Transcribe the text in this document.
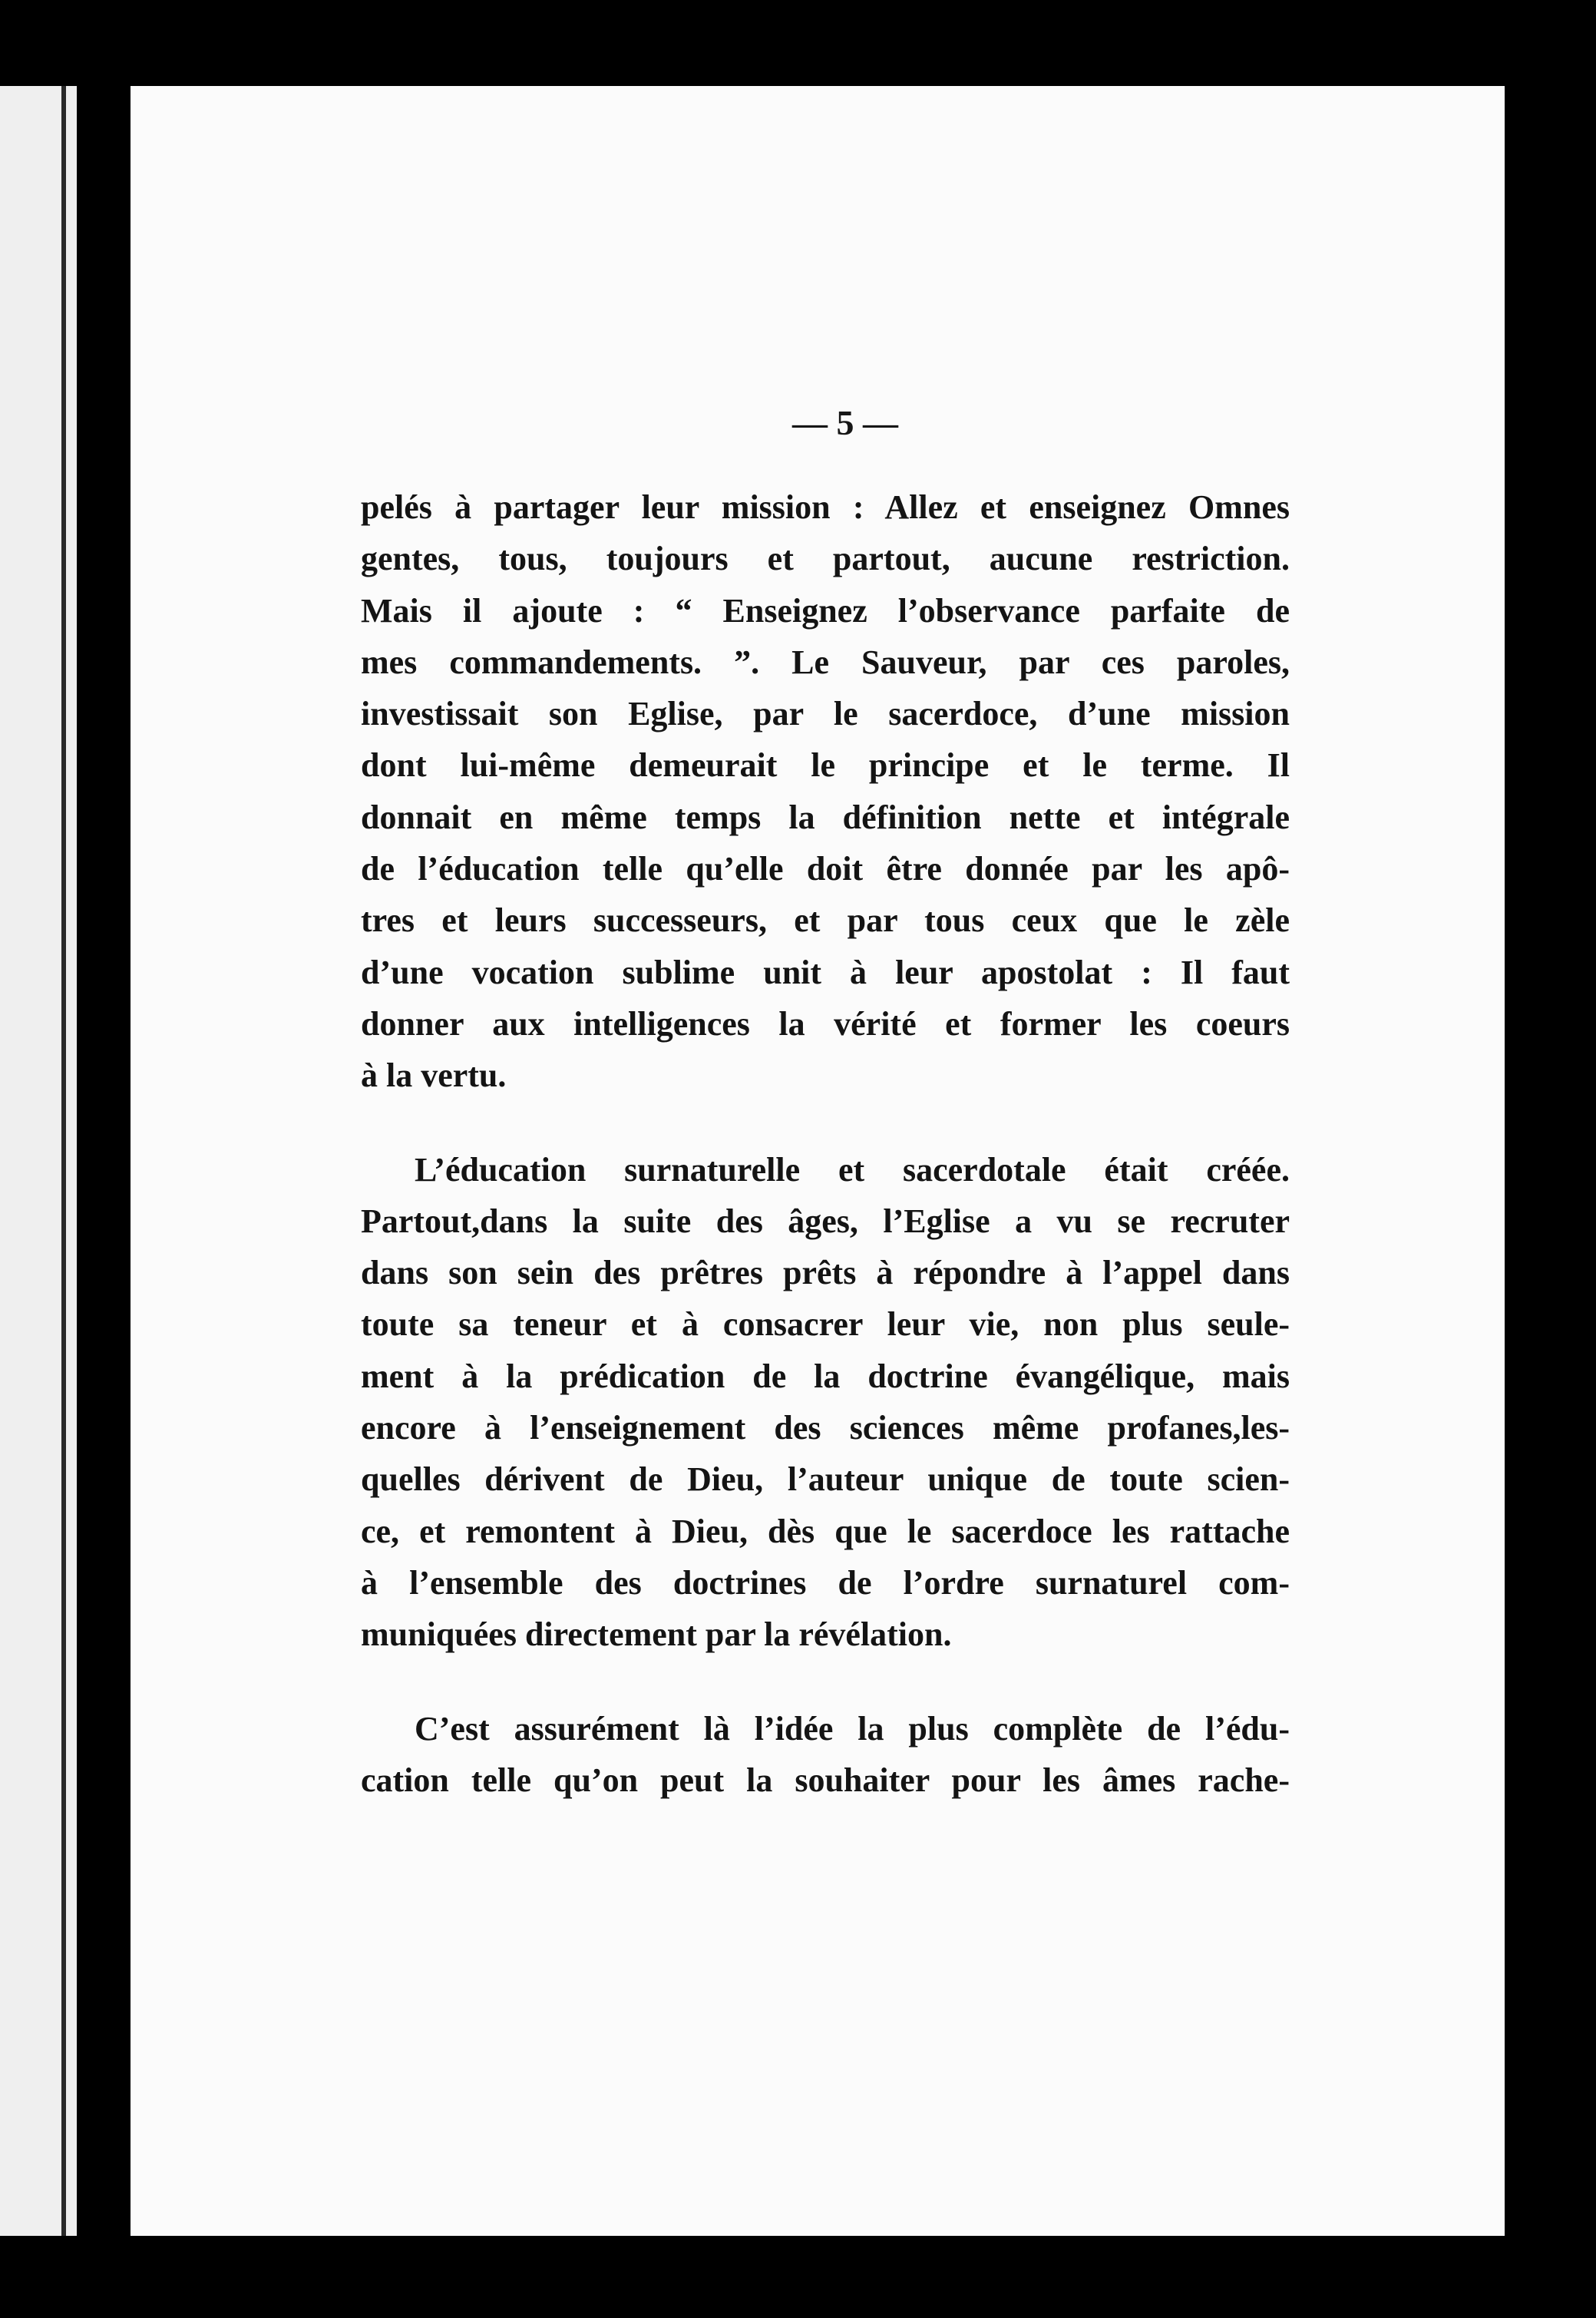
— 5 —
pelés à partager leur mission : Allez et enseignez Omnes
gentes, tous, toujours et partout, aucune restriction.
Mais il ajoute : “ Enseignez l’observance parfaite de
mes commandements. ”. Le Sauveur, par ces paroles,
investissait son Eglise, par le sacerdoce, d’une mission
dont lui-même demeurait le principe et le terme. Il
donnait en même temps la définition nette et intégrale
de l’éducation telle qu’elle doit être donnée par les apô-
tres et leurs successeurs, et par tous ceux que le zèle
d’une vocation sublime unit à leur apostolat : Il faut
donner aux intelligences la vérité et former les coeurs
à la vertu.
L’éducation surnaturelle et sacerdotale était créée.
Partout,dans la suite des âges, l’Eglise a vu se recruter
dans son sein des prêtres prêts à répondre à l’appel dans
toute sa teneur et à consacrer leur vie, non plus seule-
ment à la prédication de la doctrine évangélique, mais
encore à l’enseignement des sciences même profanes,les-
quelles dérivent de Dieu, l’auteur unique de toute scien-
ce, et remontent à Dieu, dès que le sacerdoce les rattache
à l’ensemble des doctrines de l’ordre surnaturel com-
muniquées directement par la révélation.
C’est assurément là l’idée la plus complète de l’édu-
cation telle qu’on peut la souhaiter pour les âmes rache-
